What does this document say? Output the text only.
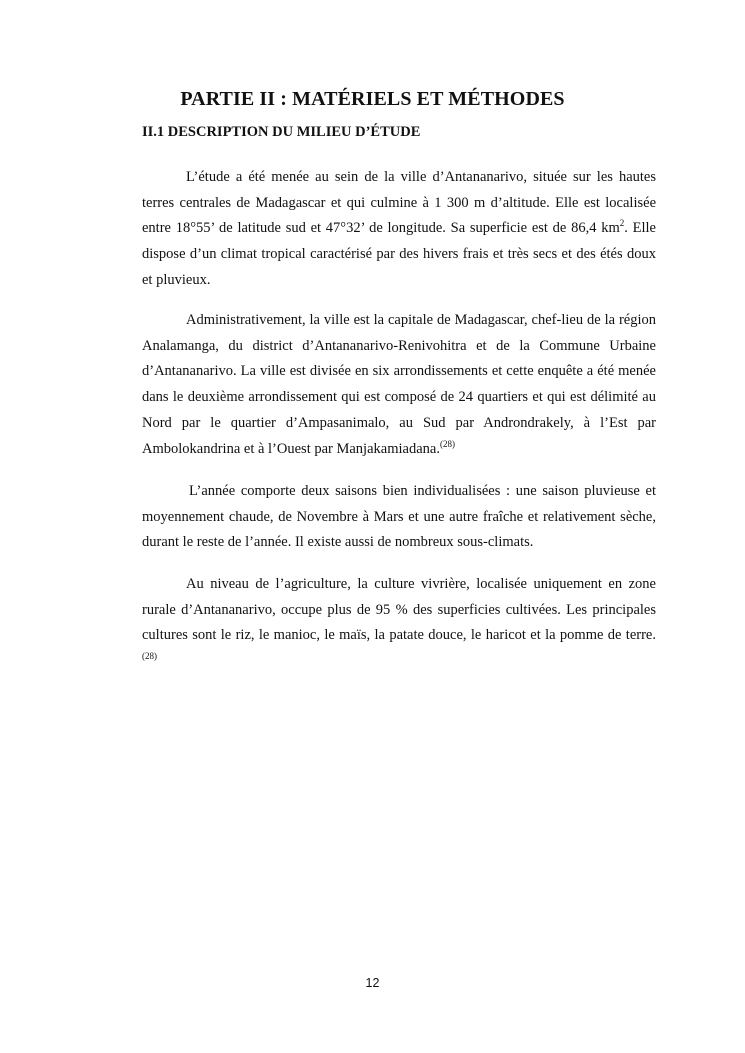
PARTIE II : MATÉRIELS ET MÉTHODES
II.1 DESCRIPTION DU MILIEU D’ÉTUDE

L’étude a été menée au sein de la ville d’Antananarivo, située sur les hautes terres centrales de Madagascar et qui culmine à 1 300 m d’altitude. Elle est localisée entre 18°55’ de latitude sud et 47°32’ de longitude. Sa superficie est de 86,4 $km^2$. Elle dispose d’un climat tropical caractérisé par des hivers frais et très secs et des étés doux et pluvieux.

Administrativement, la ville est la capitale de Madagascar, chef-lieu de la région Analamanga, du district d’Antananarivo-Renivohitra et de la Commune Urbaine d’Antananarivo. La ville est divisée en six arrondissements et cette enquête a été menée dans le deuxième arrondissement qui est composé de 24 quartiers et qui est délimité au Nord par le quartier d’Ampasanimalo, au Sud par Androndrakely, à l’Est par Ambolokandrina et à l’Ouest par Manjakamiadana.$^{(28)}$

L’année comporte deux saisons bien individualisées : une saison pluvieuse et moyennement chaude, de Novembre à Mars et une autre fraîche et relativement sèche, durant le reste de l’année. Il existe aussi de nombreux sous-climats.

Au niveau de l’agriculture, la culture vivrière, localisée uniquement en zone rurale d’Antananarivo, occupe plus de 95 % des superficies cultivées. Les principales cultures sont le riz, le manioc, le maïs, la patate douce, le haricot et la pomme de terre. $^{(28)}$

12
